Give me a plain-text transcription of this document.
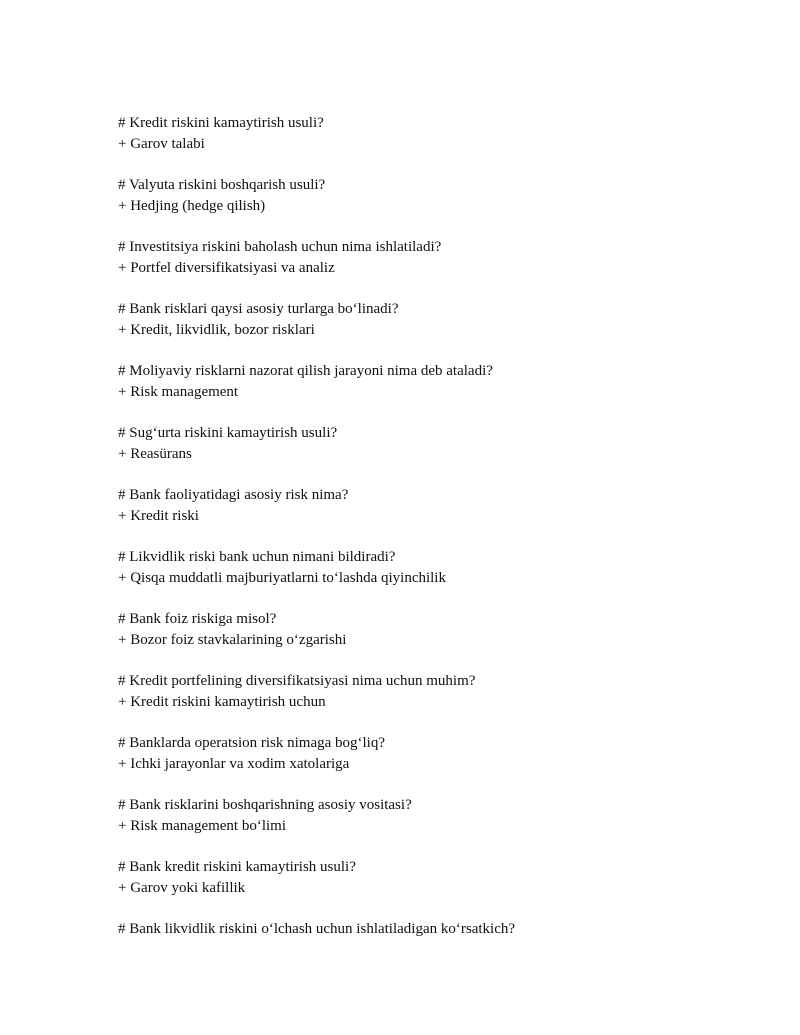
# Kredit riskini kamaytirish usuli?
+ Garov talabi
# Valyuta riskini boshqarish usuli?
+ Hedjing (hedge qilish)
# Investitsiya riskini baholash uchun nima ishlatiladi?
+ Portfel diversifikatsiyasi va analiz
# Bank risklari qaysi asosiy turlarga bo‘linadi?
+ Kredit, likvidlik, bozor risklari
# Moliyaviy risklarni nazorat qilish jarayoni nima deb ataladi?
+ Risk management
# Sug‘urta riskini kamaytirish usuli?
+ Reasürans
# Bank faoliyatidagi asosiy risk nima?
+ Kredit riski
# Likvidlik riski bank uchun nimani bildiradi?
+ Qisqa muddatli majburiyatlarni to‘lashda qiyinchilik
# Bank foiz riskiga misol?
+ Bozor foiz stavkalarining o‘zgarishi
# Kredit portfelining diversifikatsiyasi nima uchun muhim?
+ Kredit riskini kamaytirish uchun
# Banklarda operatsion risk nimaga bog‘liq?
+ Ichki jarayonlar va xodim xatolariga
# Bank risklarini boshqarishning asosiy vositasi?
+ Risk management bo‘limi
# Bank kredit riskini kamaytirish usuli?
+ Garov yoki kafillik
# Bank likvidlik riskini o‘lchash uchun ishlatiladigan ko‘rsatkich?
